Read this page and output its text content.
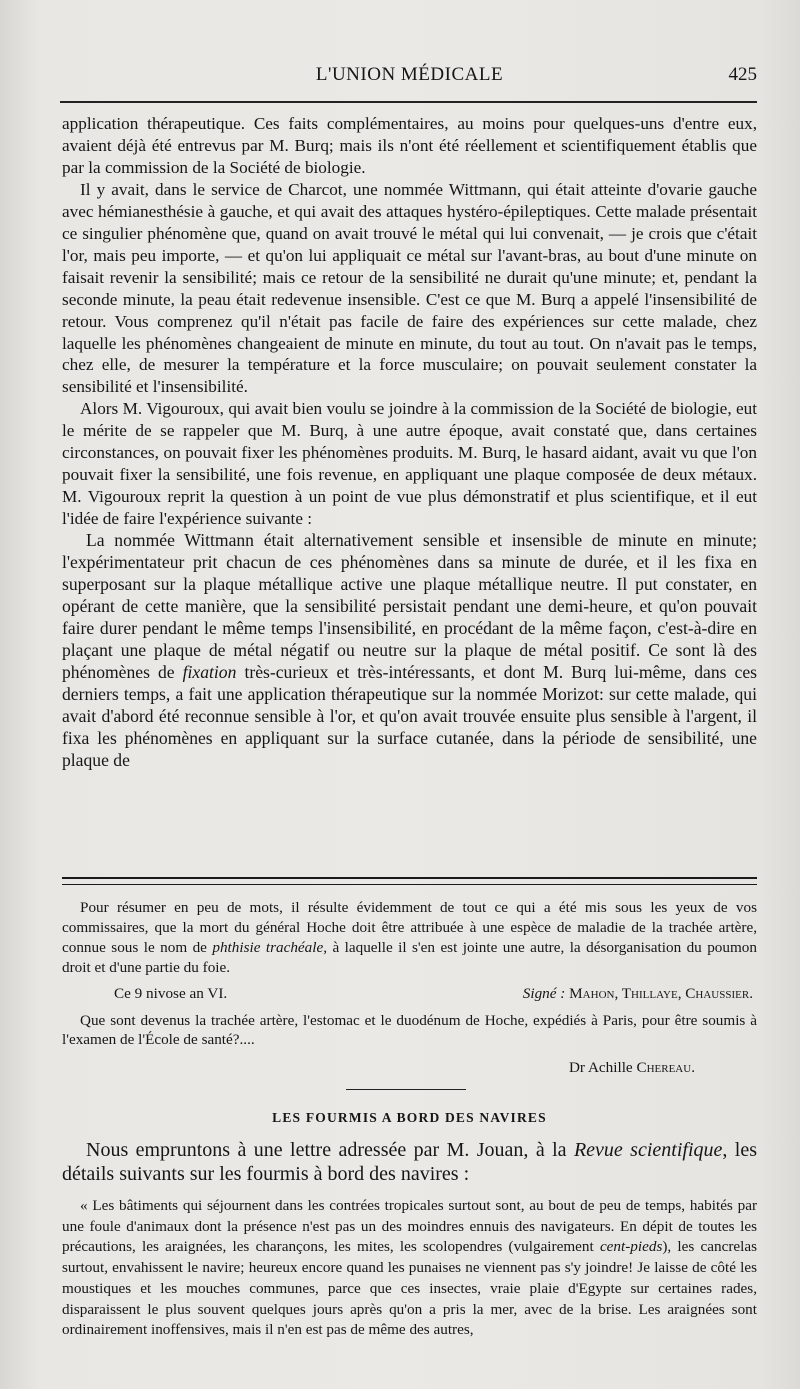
L'UNION MÉDICALE	425

application thérapeutique. Ces faits complémentaires, au moins pour quelques-uns d'entre eux, avaient déjà été entrevus par M. Burq; mais ils n'ont été réellement et scientifiquement établis que par la commission de la Société de biologie.

Il y avait, dans le service de Charcot, une nommée Wittmann, qui était atteinte d'ovarie gauche avec hémianesthésie à gauche, et qui avait des attaques hystéro-épileptiques. Cette malade présentait ce singulier phénomène que, quand on avait trouvé le métal qui lui convenait, — je crois que c'était l'or, mais peu importe, — et qu'on lui appliquait ce métal sur l'avant-bras, au bout d'une minute on faisait revenir la sensibilité; mais ce retour de la sensibilité ne durait qu'une minute; et, pendant la seconde minute, la peau était redevenue insensible. C'est ce que M. Burq a appelé l'insensibilité de retour. Vous comprenez qu'il n'était pas facile de faire des expériences sur cette malade, chez laquelle les phénomènes changeaient de minute en minute, du tout au tout. On n'avait pas le temps, chez elle, de mesurer la température et la force musculaire; on pouvait seulement constater la sensibilité et l'insensibilité.

Alors M. Vigouroux, qui avait bien voulu se joindre à la commission de la Société de biologie, eut le mérite de se rappeler que M. Burq, à une autre époque, avait constaté que, dans certaines circonstances, on pouvait fixer les phénomènes produits. M. Burq, le hasard aidant, avait vu que l'on pouvait fixer la sensibilité, une fois revenue, en appliquant une plaque composée de deux métaux. M. Vigouroux reprit la question à un point de vue plus démonstratif et plus scientifique, et il eut l'idée de faire l'expérience suivante :

La nommée Wittmann était alternativement sensible et insensible de minute en minute; l'expérimentateur prit chacun de ces phénomènes dans sa minute de durée, et il les fixa en superposant sur la plaque métallique active une plaque métallique neutre. Il put constater, en opérant de cette manière, que la sensibilité persistait pendant une demi-heure, et qu'on pouvait faire durer pendant le même temps l'insensibilité, en procédant de la même façon, c'est-à-dire en plaçant une plaque de métal négatif ou neutre sur la plaque de métal positif. Ce sont là des phénomènes de fixation très-curieux et très-intéressants, et dont M. Burq lui-même, dans ces derniers temps, a fait une application thérapeutique sur la nommée Morizot: sur cette malade, qui avait d'abord été reconnue sensible à l'or, et qu'on avait trouvée ensuite plus sensible à l'argent, il fixa les phénomènes en appliquant sur la surface cutanée, dans la période de sensibilité, une plaque de

Pour résumer en peu de mots, il résulte évidemment de tout ce qui a été mis sous les yeux de vos commissaires, que la mort du général Hoche doit être attribuée à une espèce de maladie de la trachée artère, connue sous le nom de phthisie trachéale, à laquelle il s'en est jointe une autre, la désorganisation du poumon droit et d'une partie du foie.

Ce 9 nivose an VI.	Signé : Mahon, Thillaye, Chaussier.

Que sont devenus la trachée artère, l'estomac et le duodénum de Hoche, expédiés à Paris, pour être soumis à l'examen de l'École de santé?....

Dr Achille Chereau.
LES FOURMIS A BORD DES NAVIRES

Nous empruntons à une lettre adressée par M. Jouan, à la Revue scientifique, les détails suivants sur les fourmis à bord des navires :

« Les bâtiments qui séjournent dans les contrées tropicales surtout sont, au bout de peu de temps, habités par une foule d'animaux dont la présence n'est pas un des moindres ennuis des navigateurs. En dépit de toutes les précautions, les araignées, les charançons, les mites, les scolopendres (vulgairement cent-pieds), les cancrelas surtout, envahissent le navire; heureux encore quand les punaises ne viennent pas s'y joindre! Je laisse de côté les moustiques et les mouches communes, parce que ces insectes, vraie plaie d'Egypte sur certaines rades, disparaissent le plus souvent quelques jours après qu'on a pris la mer, avec de la brise. Les araignées sont ordinairement inoffensives, mais il n'en est pas de même des autres,
